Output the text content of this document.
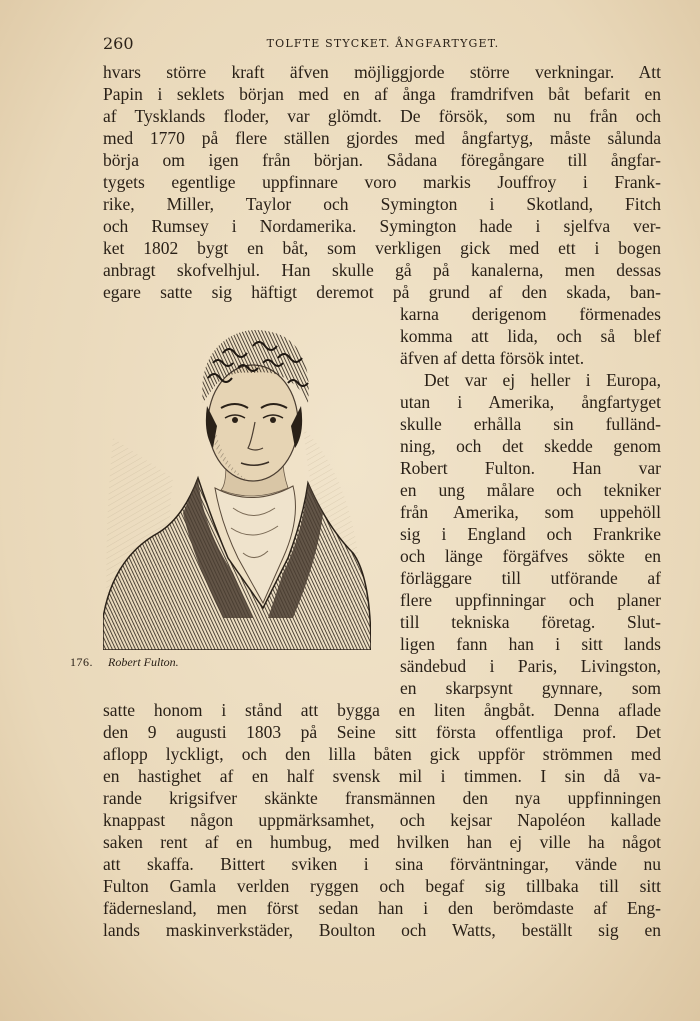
260	TOLFTE STYCKET. ÅNGFARTYGET.
hvars större kraft äfven möjliggjorde större verkningar. Att
Papin i seklets början med en af ånga framdrifven båt befarit en
af Tysklands floder, var glömdt. De försök, som nu från och
med 1770 på flere ställen gjordes med ångfartyg, måste sålunda
börja om igen från början. Sådana föregångare till ångfar-
tygets egentlige uppfinnare voro markis Jouffroy i Frank-
rike, Miller, Taylor och Symington i Skotland, Fitch
och Rumsey i Nordamerika. Symington hade i sjelfva ver-
ket 1802 bygt en båt, som verkligen gick med ett i bogen
anbragt skofvelhjul. Han skulle gå på kanalerna, men dessas
egare satte sig häftigt deremot på grund af den skada, ban-
176. Robert Fulton.
karna derigenom förmenades
komma att lida, och så blef
äfven af detta försök intet.
Det var ej heller i Europa,
utan i Amerika, ångfartyget
skulle erhålla sin fulländ-
ning, och det skedde genom
Robert Fulton. Han var
en ung målare och tekniker
från Amerika, som uppehöll
sig i England och Frankrike
och länge förgäfves sökte en
förläggare till utförande af
flere uppfinningar och planer
till tekniska företag. Slut-
ligen fann han i sitt lands
sändebud i Paris, Livingston,
en skarpsynt gynnare, som
satte honom i stånd att bygga en liten ångbåt. Denna aflade
den 9 augusti 1803 på Seine sitt första offentliga prof. Det
aflopp lyckligt, och den lilla båten gick uppför strömmen med
en hastighet af en half svensk mil i timmen. I sin då va-
rande krigsifver skänkte fransmännen den nya uppfinningen
knappast någon uppmärksamhet, och kejsar Napoléon kallade
saken rent af en humbug, med hvilken han ej ville ha något
att skaffa. Bittert sviken i sina förväntningar, vände nu
Fulton Gamla verlden ryggen och begaf sig tillbaka till sitt
fädernesland, men först sedan han i den berömdaste af Eng-
lands maskinverkstäder, Boulton och Watts, beställt sig en
